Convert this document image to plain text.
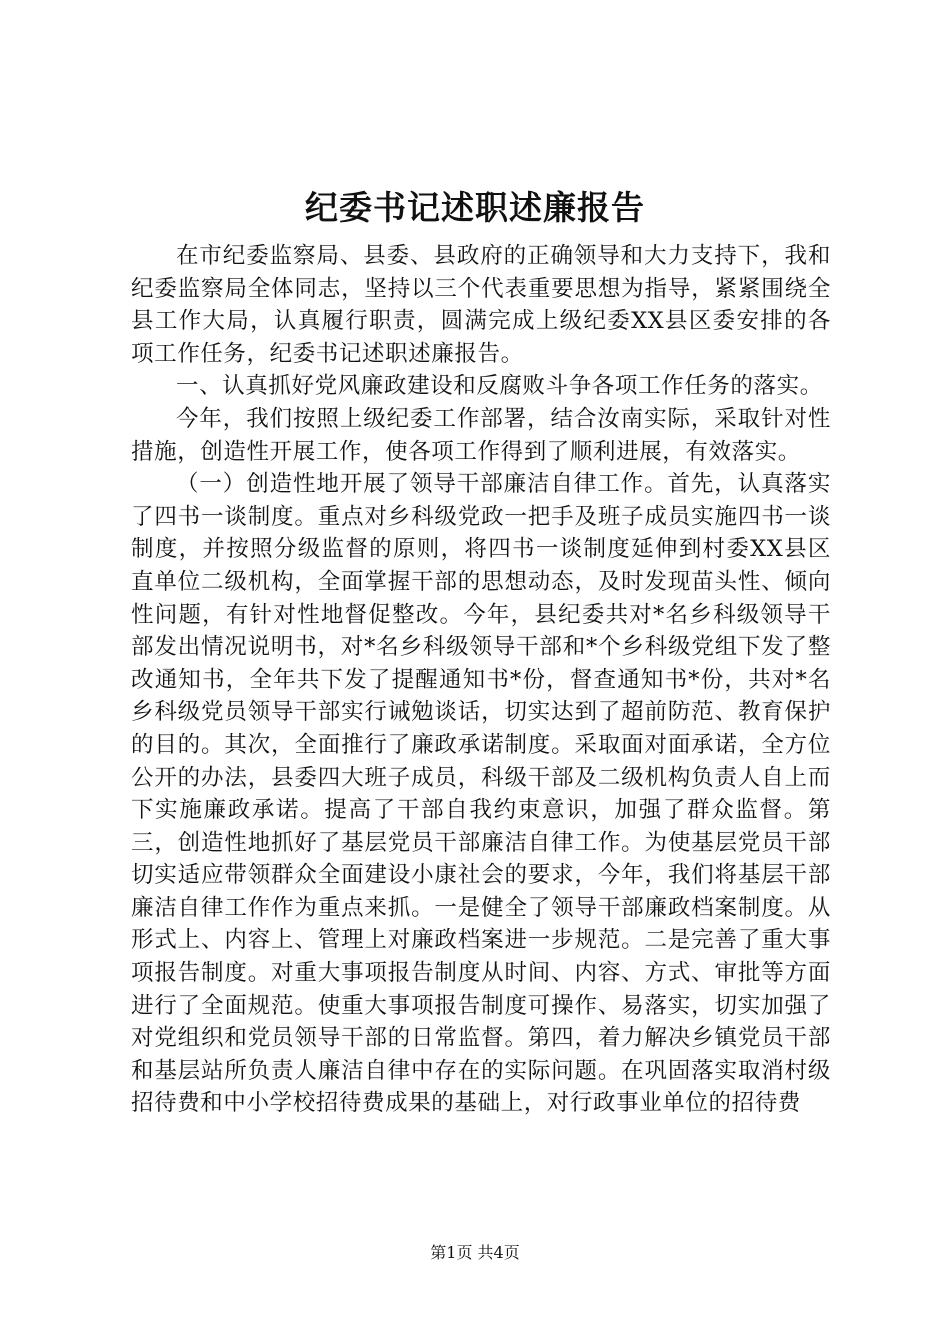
纪委书记述职述廉报告

在市纪委监察局、县委、县政府的正确领导和大力支持下，我和纪委监察局全体同志，坚持以三个代表重要思想为指导，紧紧围绕全县工作大局，认真履行职责，圆满完成上级纪委XX县区委安排的各项工作任务，纪委书记述职述廉报告。

一、认真抓好党风廉政建设和反腐败斗争各项工作任务的落实。

今年，我们按照上级纪委工作部署，结合汝南实际，采取针对性措施，创造性开展工作，使各项工作得到了顺利进展，有效落实。

（一）创造性地开展了领导干部廉洁自律工作。首先，认真落实了四书一谈制度。重点对乡科级党政一把手及班子成员实施四书一谈制度，并按照分级监督的原则，将四书一谈制度延伸到村委XX县区直单位二级机构，全面掌握干部的思想动态，及时发现苗头性、倾向性问题，有针对性地督促整改。今年，县纪委共对*名乡科级领导干部发出情况说明书，对*名乡科级领导干部和*个乡科级党组下发了整改通知书，全年共下发了提醒通知书*份，督查通知书*份，共对*名乡科级党员领导干部实行诫勉谈话，切实达到了超前防范、教育保护的目的。其次，全面推行了廉政承诺制度。采取面对面承诺，全方位公开的办法，县委四大班子成员，科级干部及二级机构负责人自上而下实施廉政承诺。提高了干部自我约束意识，加强了群众监督。第三，创造性地抓好了基层党员干部廉洁自律工作。为使基层党员干部切实适应带领群众全面建设小康社会的要求，今年，我们将基层干部廉洁自律工作作为重点来抓。一是健全了领导干部廉政档案制度。从形式上、内容上、管理上对廉政档案进一步规范。二是完善了重大事项报告制度。对重大事项报告制度从时间、内容、方式、审批等方面进行了全面规范。使重大事项报告制度可操作、易落实，切实加强了对党组织和党员领导干部的日常监督。第四，着力解决乡镇党员干部和基层站所负责人廉洁自律中存在的实际问题。在巩固落实取消村级招待费和中小学校招待费成果的基础上，对行政事业单位的招待费

第1页 共4页
